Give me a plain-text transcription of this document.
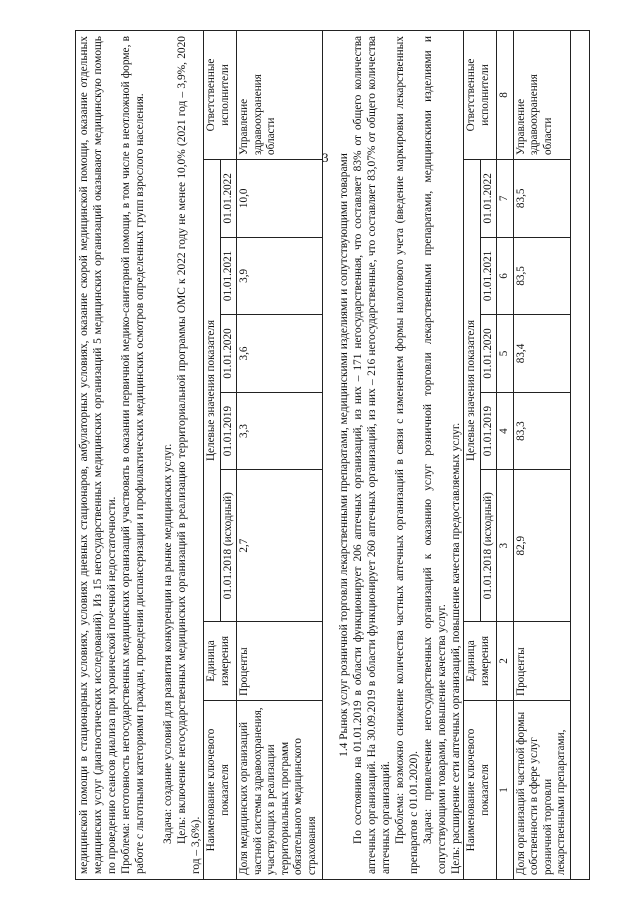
3
медицинской помощи в стационарных условиях, условиях дневных стационаров, амбулаторных условиях, оказание скорой медицинской помощи, оказание отдельных медицинских услуг (диагностических исследований). Из 15 негосударственных медицинских организаций 5 медицинских организаций оказывают медицинскую помощь по проведению сеансов диализа при хронической почечной недостаточности. Проблема: неготовность негосударственных медицинских организаций участвовать в оказании первичной медико-санитарной помощи, в том числе в неотложной форме, в работе с льготными категориями граждан, проведении диспансеризации и профилактических медицинских осмотров определенных групп взрослого населения. Задача: создание условий для развития конкуренции на рынке медицинских услуг. Цель: включение негосударственных медицинских организаций в реализацию территориальной программы ОМС к 2022 году не менее 10,0% (2021 год – 3,9%, 2020 год – 3,6%). Наименование ключевого показателя	Единица измерения	Целевые значения показателя					Ответственные исполнители
		01.01.2018 (исходный)	01.01.2019	01.01.2020	01.01.2021	01.01.2022	
Доля медицинских организаций частной системы здравоохранения, участвующих в реализации территориальных программ обязательного медицинского страхования	Проценты	2,7	3,3	3,6	3,9	10,0	Управление здравоохранения области
1.4 Рынок услуг розничной торговли лекарственными препаратами, медицинскими изделиями и сопутствующими товарами По состоянию на 01.01.2019 в области функционирует 206 аптечных организаций, из них – 171 негосударственная, что составляет 83% от общего количества аптечных организаций. На 30.09.2019 в области функционирует 260 аптечных организаций, из них – 216 негосударственные, что составляет 83,07% от общего количества аптечных организаций. Проблема: возможно снижение количества частных аптечных организаций в связи с изменением формы налогового учета (введение маркировки лекарственных препаратов с 01.01.2020). Задача: привлечение негосударственных организаций к оказанию услуг розничной торговли лекарственными препаратами, медицинскими изделиями и сопутствующими товарами, повышение качества услуг. Цель: расширение сети аптечных организаций, повышение качества предоставляемых услуг. Наименование ключевого показателя	Единица измерения	Целевые значения показателя					Ответственные исполнители
		01.01.2018 (исходный)	01.01.2019	01.01.2020	01.01.2021	01.01.2022	
1	2	3	4	5	6	7	8
Доля организаций частной формы собственности в сфере услуг розничной торговли лекарственными препаратами,	Проценты	82,9	83,3	83,4	83,5	83,5	Управление здравоохранения области
